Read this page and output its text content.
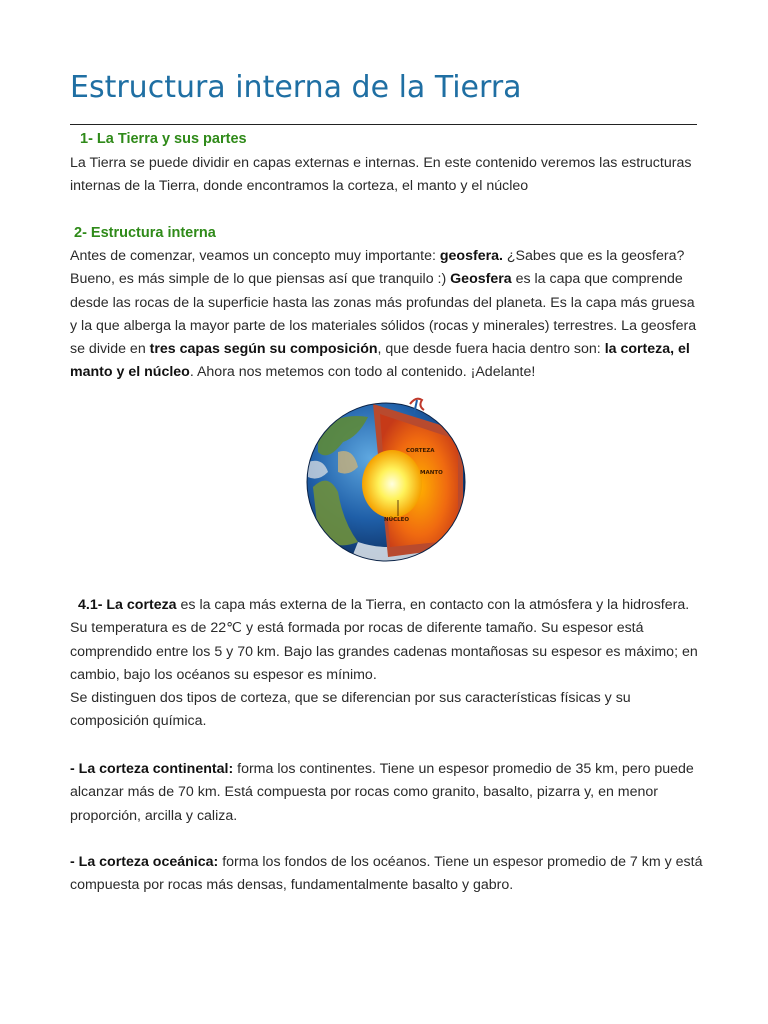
Estructura interna de la Tierra
1- La Tierra y sus partes

La Tierra se puede dividir en capas externas e internas. En este contenido veremos las estructuras internas de la Tierra, donde encontramos la corteza, el manto y el núcleo

2- Estructura interna

Antes de comenzar, veamos un concepto muy importante: geosfera. ¿Sabes que es la geosfera? Bueno, es más simple de lo que piensas así que tranquilo :) Geosfera es la capa que comprende desde las rocas de la superficie hasta las zonas más profundas del planeta. Es la capa más gruesa y la que alberga la mayor parte de los materiales sólidos (rocas y minerales) terrestres. La geosfera se divide en tres capas según su composición, que desde fuera hacia dentro son: la corteza, el manto y el núcleo. Ahora nos metemos con todo al contenido. ¡Adelante!

CORTEZA
MANTO
NÚCLEO

4.1- La corteza es la capa más externa de la Tierra, en contacto con la atmósfera y la hidrosfera. Su temperatura es de 22℃ y está formada por rocas de diferente tamaño. Su espesor está comprendido entre los 5 y 70 km. Bajo las grandes cadenas montañosas su espesor es máximo; en cambio, bajo los océanos su espesor es mínimo.
Se distinguen dos tipos de corteza, que se diferencian por sus características físicas y su composición química.

- La corteza continental: forma los continentes. Tiene un espesor promedio de 35 km, pero puede alcanzar más de 70 km. Está compuesta por rocas como granito, basalto, pizarra y, en menor proporción, arcilla y caliza.

- La corteza oceánica: forma los fondos de los océanos. Tiene un espesor promedio de 7 km y está compuesta por rocas más densas, fundamentalmente basalto y gabro.
